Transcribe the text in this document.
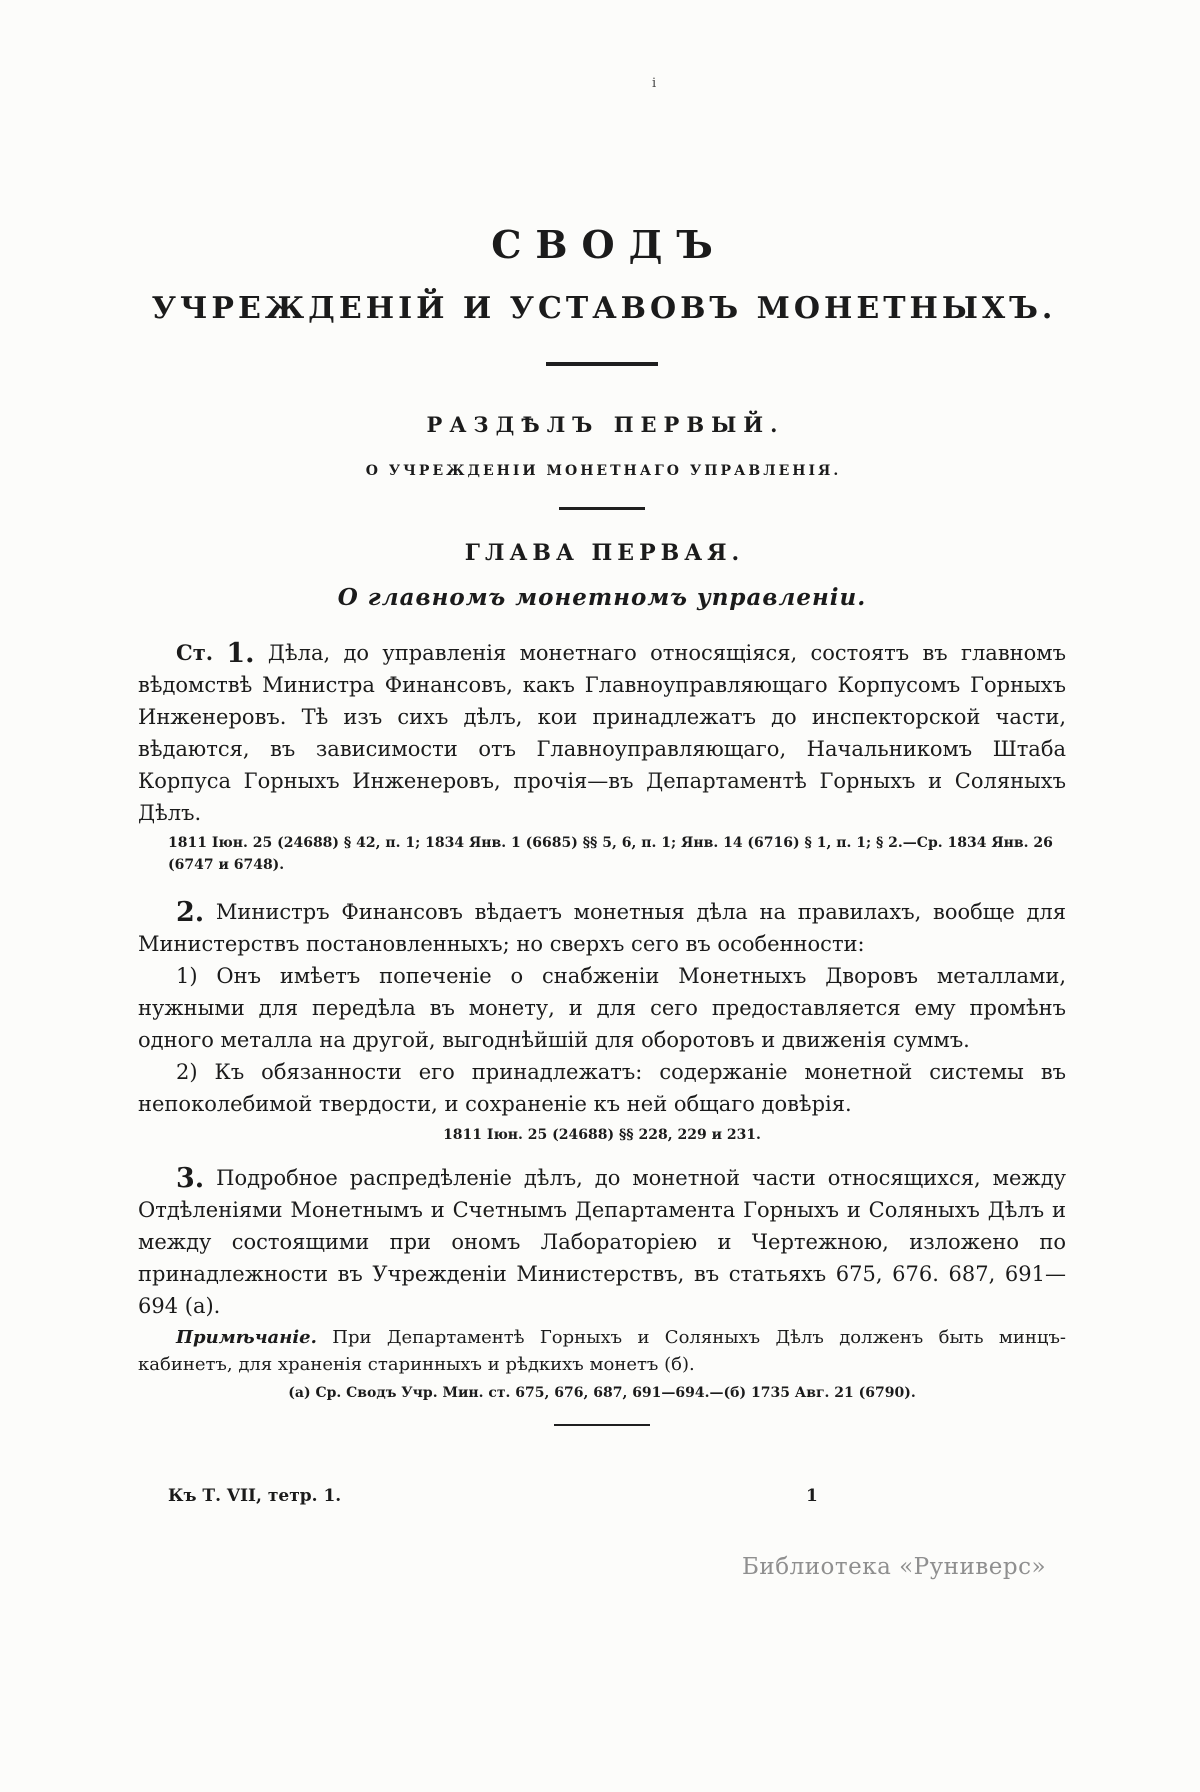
i
СВОДЪ
УЧРЕЖДЕНІЙ И УСТАВОВЪ МОНЕТНЫХЪ.
РАЗДѢЛЪ ПЕРВЫЙ.
О УЧРЕЖДЕНІИ МОНЕТНАГО УПРАВЛЕНІЯ.
ГЛАВА ПЕРВАЯ.
О главномъ монетномъ управленіи.

Ст. 1. Дѣла, до управленія монетнаго относящіяся, состоятъ въ главномъ вѣдомствѣ Министра Финансовъ, какъ Главноуправляющаго Корпусомъ Горныхъ Инженеровъ. Тѣ изъ сихъ дѣлъ, кои принадлежатъ до инспекторской части, вѣдаются, въ зависимости отъ Главноуправляющаго, Начальникомъ Штаба Корпуса Горныхъ Инженеровъ, прочія—въ Департаментѣ Горныхъ и Соляныхъ Дѣлъ.

1811 Іюн. 25 (24688) § 42, п. 1; 1834 Янв. 1 (6685) §§ 5, 6, п. 1; Янв. 14 (6716) § 1, п. 1; § 2.—Ср. 1834 Янв. 26 (6747 и 6748).

2. Министръ Финансовъ вѣдаетъ монетныя дѣла на правилахъ, вообще для Министерствъ постановленныхъ; но сверхъ сего въ особенности:

1) Онъ имѣетъ попеченіе о снабженіи Монетныхъ Дворовъ металлами, нужными для передѣла въ монету, и для сего предоставляется ему промѣнъ одного металла на другой, выгоднѣйшій для оборотовъ и движенія суммъ.

2) Къ обязанности его принадлежатъ: содержаніе монетной системы въ непоколебимой твердости, и сохраненіе къ ней общаго довѣрія.

1811 Іюн. 25 (24688) §§ 228, 229 и 231.

3. Подробное распредѣленіе дѣлъ, до монетной части относящихся, между Отдѣленіями Монетнымъ и Счетнымъ Департамента Горныхъ и Соляныхъ Дѣлъ и между состоящими при ономъ Лабораторіею и Чертежною, изложено по принадлежности въ Учрежденіи Министерствъ, въ статьяхъ 675, 676. 687, 691—694 (а).

Примѣчаніе. При Департаментѣ Горныхъ и Соляныхъ Дѣлъ долженъ быть минцъ-кабинетъ, для храненія старинныхъ и рѣдкихъ монетъ (б).

(а) Ср. Сводъ Учр. Мин. ст. 675, 676, 687, 691—694.—(б) 1735 Авг. 21 (6790).
Къ Т. VII, тетр. 1.	1
Библиотека «Руниверс»
